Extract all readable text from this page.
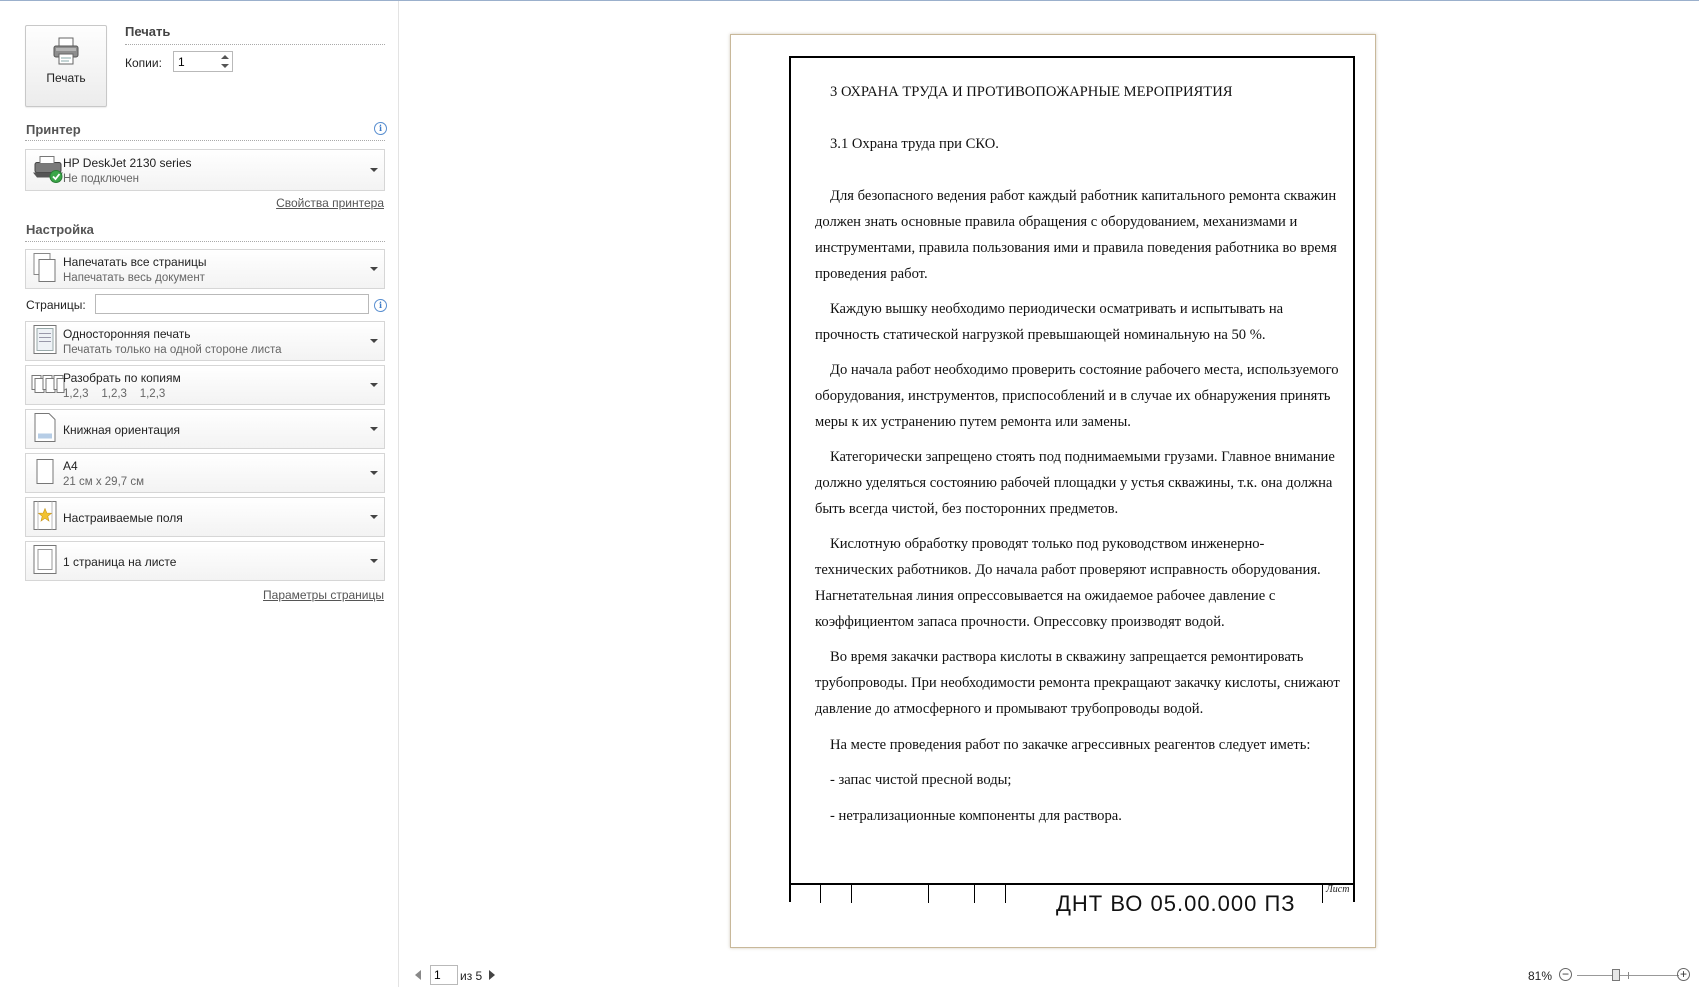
Печать
Печать
Копии:
1
Принтер	i
HP DeskJet 2130 series
Не подключен
Свойства принтера
Настройка
Напечатать все страницы
Напечатать весь документ
Страницы:	i
Односторонняя печать
Печатать только на одной стороне листа
Разобрать по копиям
1,2,3    1,2,3    1,2,3
Книжная ориентация
A4
21 см x 29,7 см
Настраиваемые поля
1 страница на листе
Параметры страницы
3 ОХРАНА ТРУДА И ПРОТИВОПОЖАРНЫЕ МЕРОПРИЯТИЯ
3.1 Охрана труда при СКО.
Для безопасного ведения работ каждый работник капитального ремонта скважин должен знать основные правила обращения с оборудованием, механизмами и инструментами, правила пользования ими и правила поведения работника во время проведения работ.
Каждую вышку необходимо периодически осматривать и испытывать на прочность статической нагрузкой превышающей номинальную на 50 %.
До начала работ необходимо проверить состояние рабочего места, используемого оборудования, инструментов, приспособлений и в случае их обнаружения принять меры к их устранению путем ремонта или замены.
Категорически запрещено стоять под поднимаемыми грузами. Главное внимание должно уделяться состоянию рабочей площадки у устья скважины, т.к. она должна быть всегда чистой, без посторонних предметов.
Кислотную обработку проводят только под руководством инженерно-технических работников. До начала работ проверяют исправность оборудования. Нагнетательная линия опрессовывается на ожидаемое рабочее давление с коэффициентом запаса прочности. Опрессовку производят водой.
Во время закачки раствора кислоты в скважину запрещается ремонтировать трубопроводы. При необходимости ремонта прекращают закачку кислоты, снижают давление до атмосферного и промывают трубопроводы водой.
На месте проведения работ по закачке агрессивных реагентов следует иметь:
- запас чистой пресной воды;
- нетрализационные компоненты для раствора.
Лист
1
из 5	81% −	+
